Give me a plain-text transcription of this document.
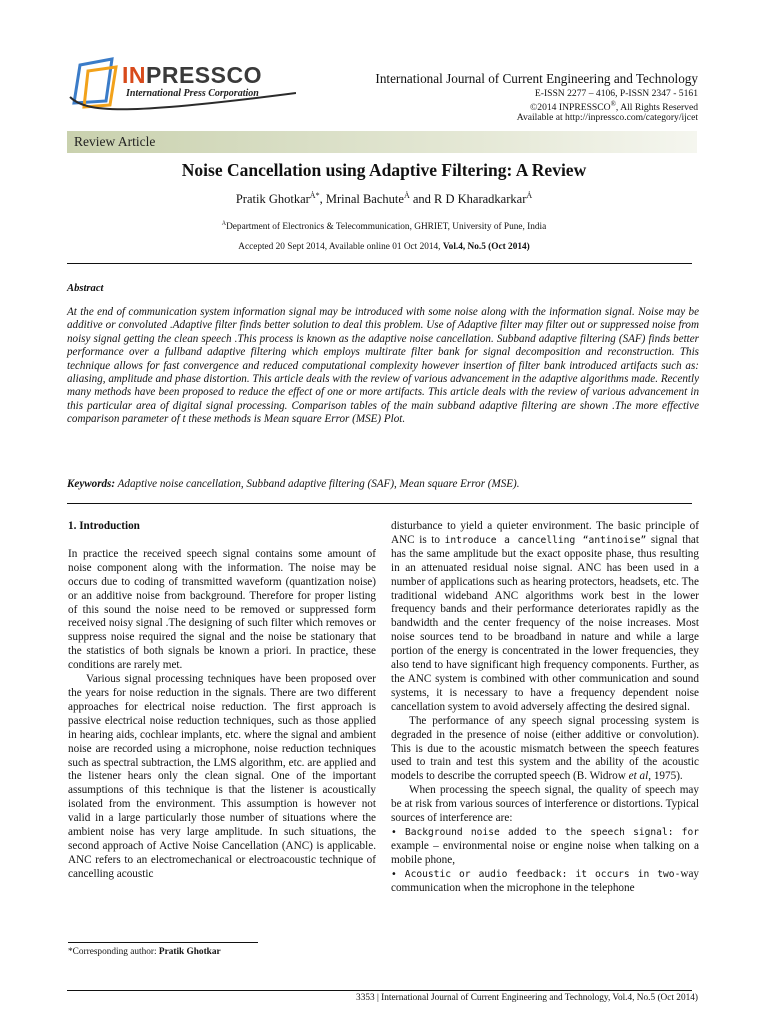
INPRESSCO
International Press Corporation
International Journal of Current Engineering and Technology
E-ISSN 2277 – 4106, P-ISSN 2347 - 5161
©2014 INPRESSCO®, All Rights Reserved
Available at http://inpressco.com/category/ijcet
Review Article
Noise Cancellation using Adaptive Filtering: A Review
Pratik Ghotkar$^{Ȧ*}$, Mrinal Bachute$^Ȧ$ and R D Kharadkarkar$^Ȧ$
$^Ȧ$Department of Electronics & Telecommunication, GHRIET, University of Pune, India
Accepted 20 Sept 2014, Available online 01 Oct 2014, Vol.4, No.5 (Oct 2014)
Abstract
At the end of communication system information signal may be introduced with some noise along with the information signal. Noise may be additive or convoluted .Adaptive filter finds better solution to deal this problem. Use of Adaptive filter may filter out or suppressed noise from noisy signal getting the clean speech .This process is known as the adaptive noise cancellation. Subband adaptive filtering (SAF) finds better performance over a fullband adaptive filtering which employs multirate filter bank for signal decomposition and reconstruction. This technique allows for fast convergence and reduced computational complexity however insertion of filter bank introduced artifacts such as: aliasing, amplitude and phase distortion. This article deals with the review of various advancement in the adaptive algorithms made. Recently many methods have been proposed to reduce the effect of one or more artifacts. This article deals with the review of various advancement in this particular area of digital signal processing. Comparison tables of the main subband adaptive filtering are shown .The more effective comparison parameter of t these methods is Mean square Error (MSE) Plot.
Keywords: Adaptive noise cancellation, Subband adaptive filtering (SAF), Mean square Error (MSE).

1. Introduction

In practice the received speech signal contains some amount of noise component along with the information. The noise may be occurs due to coding of transmitted waveform (quantization noise) or an additive noise from background. Therefore for proper listing of this sound the noise need to be removed or suppressed form received noisy signal .The designing of such filter which removes or suppress noise required the signal and the noise be stationary that the statistics of both signals be known a priori. In practice, these conditions are rarely met.

Various signal processing techniques have been proposed over the years for noise reduction in the signals. There are two different approaches for electrical noise reduction. The first approach is passive electrical noise reduction techniques, such as those applied in hearing aids, cochlear implants, etc. where the signal and ambient noise are recorded using a microphone, noise reduction techniques such as spectral subtraction, the LMS algorithm, etc. are applied and the listener hears only the clean signal. One of the important assumptions of this technique is that the listener is acoustically isolated from the environment. This assumption is however not valid in a large particularly those number of situations where the ambient noise has very large amplitude. In such situations, the second approach of Active Noise Cancellation (ANC) is applicable. ANC refers to an electromechanical or electroacoustic technique of cancelling acoustic

disturbance to yield a quieter environment. The basic principle of ANC is to introduce a cancelling “antinoise” signal that has the same amplitude but the exact opposite phase, thus resulting in an attenuated residual noise signal. ANC has been used in a number of applications such as hearing protectors, headsets, etc. The traditional wideband ANC algorithms work best in the lower frequency bands and their performance deteriorates rapidly as the bandwidth and the center frequency of the noise increases. Most noise sources tend to be broadband in nature and while a large portion of the energy is concentrated in the lower frequencies, they also tend to have significant high frequency components. Further, as the ANC system is combined with other communication and sound systems, it is necessary to have a frequency dependent noise cancellation system to avoid adversely affecting the desired signal.

The performance of any speech signal processing system is degraded in the presence of noise (either additive or convolution). This is due to the acoustic mismatch between the speech features used to train and test this system and the ability of the acoustic models to describe the corrupted speech (B. Widrow et al, 1975).

When processing the speech signal, the quality of speech may be at risk from various sources of interference or distortions. Typical sources of interference are:

• Background noise added to the speech signal: for example – environmental noise or engine noise when talking on a mobile phone,

• Acoustic or audio feedback: it occurs in two-way communication when the microphone in the telephone

*Corresponding author: Pratik Ghotkar
3353 | International Journal of Current Engineering and Technology, Vol.4, No.5 (Oct 2014)
